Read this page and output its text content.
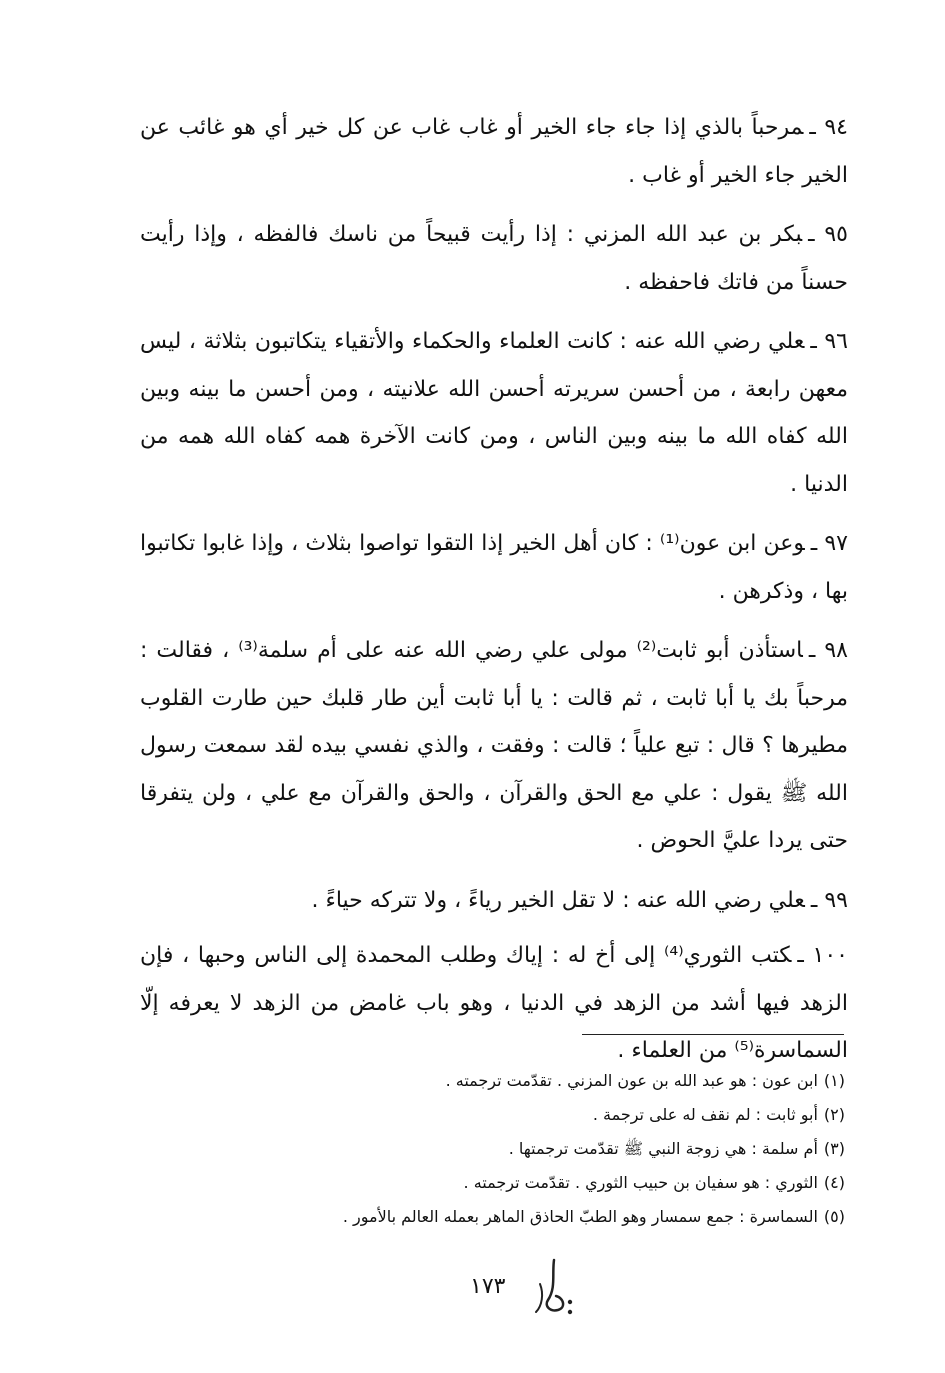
٩٤ ـمرحباً بالذي إذا جاء جاء الخير أو غاب غاب عن كل خير أي هو غائب عن الخير جاء الخير أو غاب .

٩٥ ـبكر بن عبد الله المزني : إذا رأيت قبيحاً من ناسك فالفظه ، وإذا رأيت حسناً من فاتك فاحفظه .

٩٦ ـعلي رضي الله عنه : كانت العلماء والحكماء والأتقياء يتكاتبون بثلاثة ، ليس معهن رابعة ، من أحسن سريرته أحسن الله علانيته ، ومن أحسن ما بينه وبين الله كفاه الله ما بينه وبين الناس ، ومن كانت الآخرة همه كفاه الله همه من الدنيا .

٩٧ ـوعن ابن عون⁽¹⁾ : كان أهل الخير إذا التقوا تواصوا بثلاث ، وإذا غابوا تكاتبوا بها ، وذكرهن .

٩٨ ـاستأذن أبو ثابت⁽²⁾ مولى علي رضي الله عنه على أم سلمة⁽³⁾ ، فقالت : مرحباً بك يا أبا ثابت ، ثم قالت : يا أبا ثابت أين طار قلبك حين طارت القلوب مطيرها ؟ قال : تبع علياً ؛ قالت : وفقت ، والذي نفسي بيده لقد سمعت رسول الله ﷺ يقول : علي مع الحق والقرآن ، والحق والقرآن مع علي ، ولن يتفرقا حتى يردا عليَّ الحوض .

٩٩ ـعلي رضي الله عنه : لا تقل الخير رياءً ، ولا تتركه حياءً .

١٠٠ ـكتب الثوري⁽⁴⁾ إلى أخ له : إياك وطلب المحمدة إلى الناس وحبها ، فإن الزهد فيها أشد من الزهد في الدنيا ، وهو باب غامض من الزهد لا يعرفه إلّا السماسرة⁽⁵⁾ من العلماء .

(١)ابن عون : هو عبد الله بن عون المزني . تقدّمت ترجمته .

(٢)أبو ثابت : لم نقف له على ترجمة .

(٣)أم سلمة : هي زوجة النبي ﷺ تقدّمت ترجمتها .

(٤)الثوري : هو سفيان بن حبيب الثوري . تقدّمت ترجمته .

(٥)السماسرة : جمع سمسار وهو الطبّ الحاذق الماهر بعمله العالم بالأمور .

١٧٣
